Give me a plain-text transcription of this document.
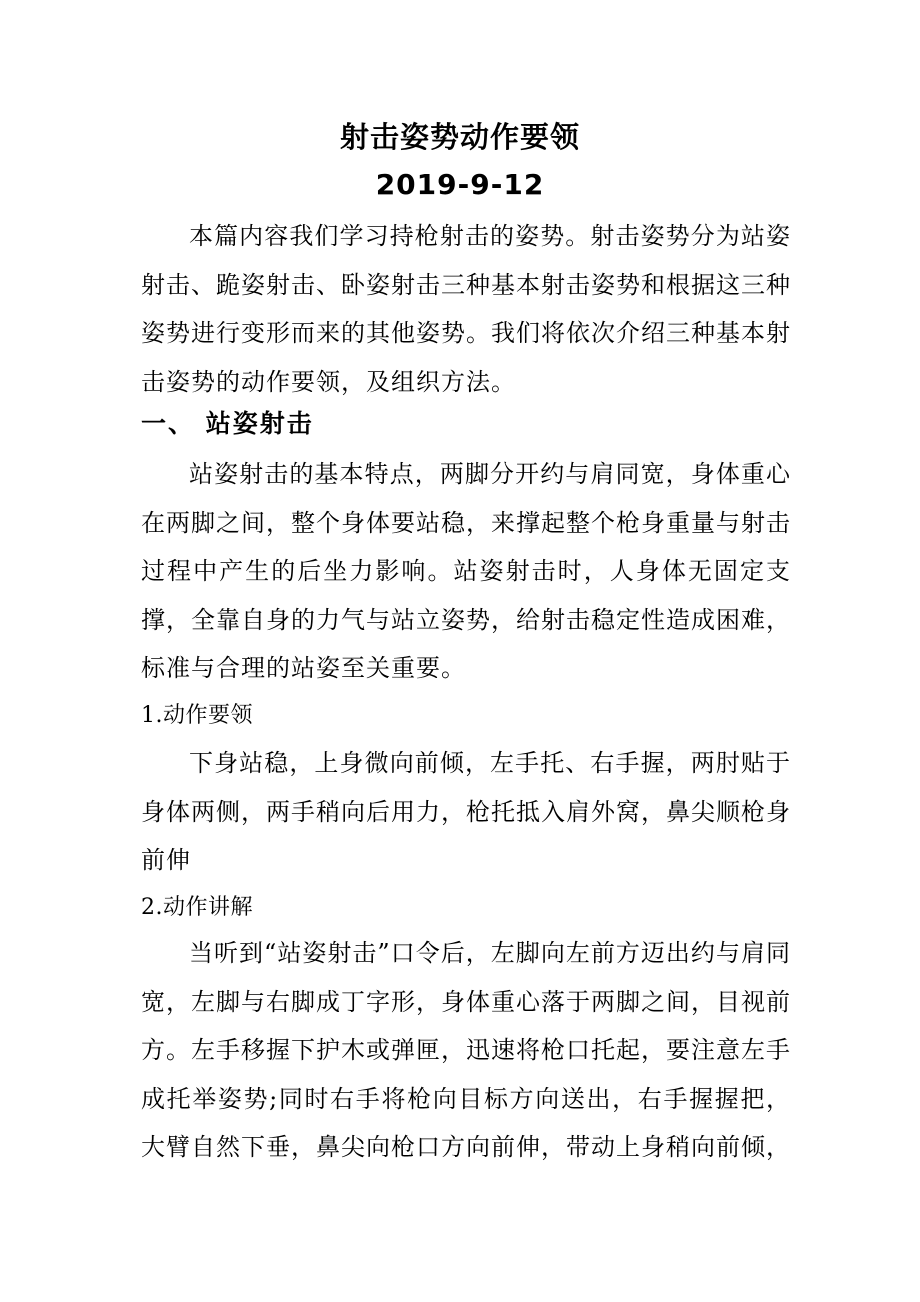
射击姿势动作要领
2019-9-12

本篇内容我们学习持枪射击的姿势。射击姿势分为站姿射击、跪姿射击、卧姿射击三种基本射击姿势和根据这三种姿势进行变形而来的其他姿势。我们将依次介绍三种基本射击姿势的动作要领，及组织方法。

一、 站姿射击

站姿射击的基本特点，两脚分开约与肩同宽，身体重心在两脚之间，整个身体要站稳，来撑起整个枪身重量与射击过程中产生的后坐力影响。站姿射击时，人身体无固定支撑，全靠自身的力气与站立姿势，给射击稳定性造成困难，标准与合理的站姿至关重要。

1.动作要领

下身站稳，上身微向前倾，左手托、右手握，两肘贴于身体两侧，两手稍向后用力，枪托抵入肩外窝，鼻尖顺枪身前伸

2.动作讲解

当听到“站姿射击”口令后，左脚向左前方迈出约与肩同宽，左脚与右脚成丁字形，身体重心落于两脚之间，目视前方。左手移握下护木或弹匣，迅速将枪口托起，要注意左手成托举姿势;同时右手将枪向目标方向送出，右手握握把，大臂自然下垂，鼻尖向枪口方向前伸，带动上身稍向前倾，
